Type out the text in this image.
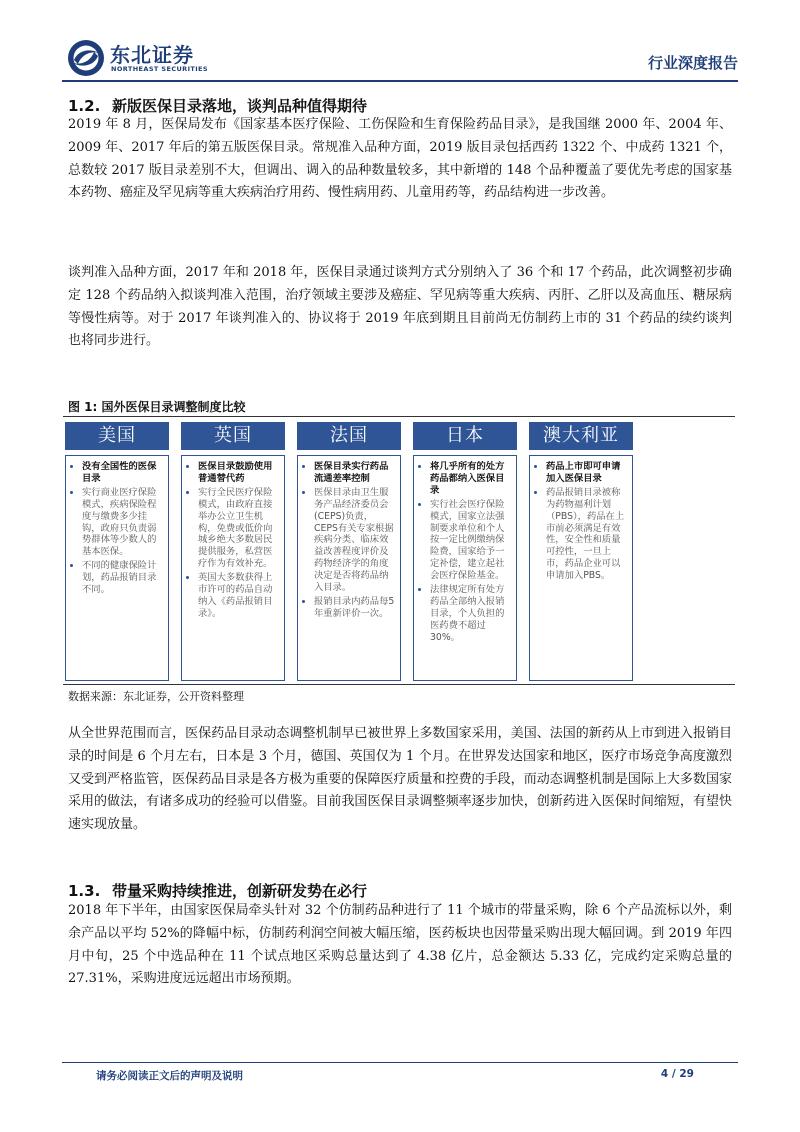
东北证券
NORTHEAST SECURITIES	行业深度报告
1.2. 新版医保目录落地，谈判品种值得期待
2019 年 8 月，医保局发布《国家基本医疗保险、工伤保险和生育保险药品目录》，是我国继 2000 年、2004 年、2009 年、2017 年后的第五版医保目录。常规准入品种方面，2019 版目录包括西药 1322 个、中成药 1321 个，总数较 2017 版目录差别不大，但调出、调入的品种数量较多，其中新增的 148 个品种覆盖了要优先考虑的国家基本药物、癌症及罕见病等重大疾病治疗用药、慢性病用药、儿童用药等，药品结构进一步改善。
谈判准入品种方面，2017 年和 2018 年，医保目录通过谈判方式分别纳入了 36 个和 17 个药品，此次调整初步确定 128 个药品纳入拟谈判准入范围，治疗领域主要涉及癌症、罕见病等重大疾病、丙肝、乙肝以及高血压、糖尿病等慢性病等。对于 2017 年谈判准入的、协议将于 2019 年底到期且目前尚无仿制药上市的 31 个药品的续约谈判也将同步进行。
图 1: 国外医保目录调整制度比较
美国
• 没有全国性的医保目录
• 实行商业医疗保险模式，疾病保险程度与缴费多少挂钩，政府只负责弱势群体等少数人的基本医保。
• 不同的健康保险计划，药品报销目录不同。
英国
• 医保目录鼓励使用普通替代药
• 实行全民医疗保险模式，由政府直接举办公立卫生机构，免费或低价向城乡绝大多数居民提供服务，私营医疗作为有效补充。
• 英国大多数获得上市许可的药品自动纳入《药品报销目录》。
法国
• 医保目录实行药品流通差率控制
• 医保目录由卫生服务产品经济委员会(CEPS)负责，CEPS有关专家根据疾病分类、临床效益改善程度评价及药物经济学的角度决定是否将药品纳入目录。
• 报销目录内药品每5年重新评价一次。
日本
• 将几乎所有的处方药品都纳入医保目录
• 实行社会医疗保险模式，国家立法强制要求单位和个人按一定比例缴纳保险费，国家给予一定补偿，建立起社会医疗保险基金。
• 法律规定所有处方药品全部纳入报销目录，个人负担的医药费不超过30%。
澳大利亚
• 药品上市即可申请加入医保目录
• 药品报销目录被称为药物福利计划（PBS），药品在上市前必须满足有效性，安全性和质量可控性，一旦上市，药品企业可以申请加入PBS。
数据来源：东北证券，公开资料整理
从全世界范围而言，医保药品目录动态调整机制早已被世界上多数国家采用，美国、法国的新药从上市到进入报销目录的时间是 6 个月左右，日本是 3 个月，德国、英国仅为 1 个月。在世界发达国家和地区，医疗市场竞争高度激烈又受到严格监管，医保药品目录是各方极为重要的保障医疗质量和控费的手段，而动态调整机制是国际上大多数国家采用的做法，有诸多成功的经验可以借鉴。目前我国医保目录调整频率逐步加快，创新药进入医保时间缩短，有望快速实现放量。
1.3. 带量采购持续推进，创新研发势在必行
2018 年下半年，由国家医保局牵头针对 32 个仿制药品种进行了 11 个城市的带量采购，除 6 个产品流标以外，剩余产品以平均 52%的降幅中标，仿制药利润空间被大幅压缩，医药板块也因带量采购出现大幅回调。到 2019 年四月中旬，25 个中选品种在 11 个试点地区采购总量达到了 4.38 亿片，总金额达 5.33 亿，完成约定采购总量的 27.31%，采购进度远远超出市场预期。
请务必阅读正文后的声明及说明	4 / 29
